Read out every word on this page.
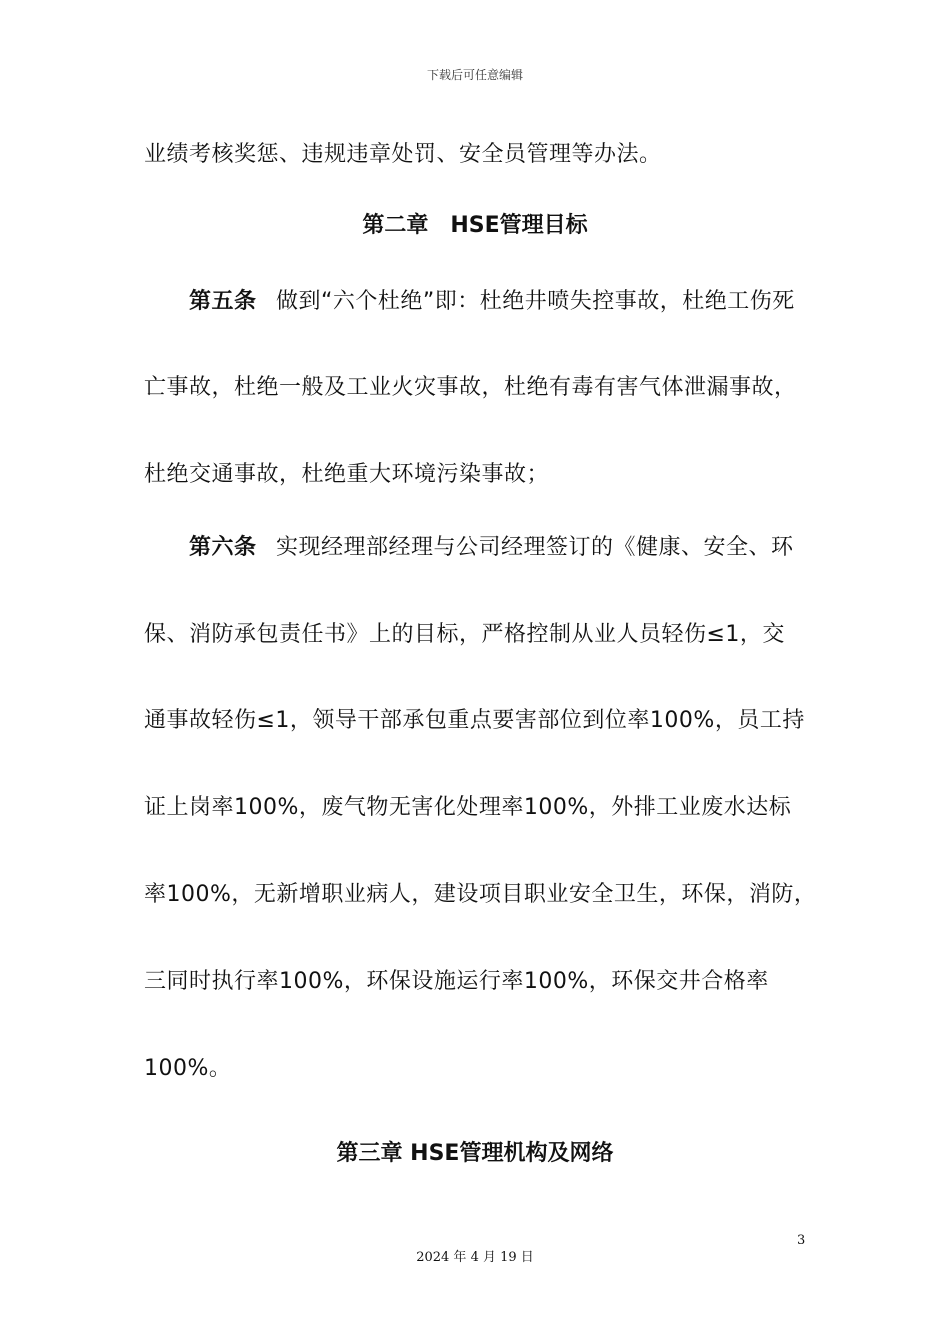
下载后可任意编辑
业绩考核奖惩、违规违章处罚、安全员管理等办法。
第二章　HSE管理目标
第五条 做到“六个杜绝”即：杜绝井喷失控事故，杜绝工伤死
亡事故，杜绝一般及工业火灾事故，杜绝有毒有害气体泄漏事故，
杜绝交通事故，杜绝重大环境污染事故；
第六条 实现经理部经理与公司经理签订的《健康、安全、环
保、消防承包责任书》上的目标，严格控制从业人员轻伤≤1，交
通事故轻伤≤1，领导干部承包重点要害部位到位率100%，员工持
证上岗率100%，废气物无害化处理率100%，外排工业废水达标
率100%，无新增职业病人，建设项目职业安全卫生，环保，消防，
三同时执行率100%，环保设施运行率100%，环保交井合格率
100%。
第三章 HSE管理机构及网络
3
2024 年 4 月 19 日
